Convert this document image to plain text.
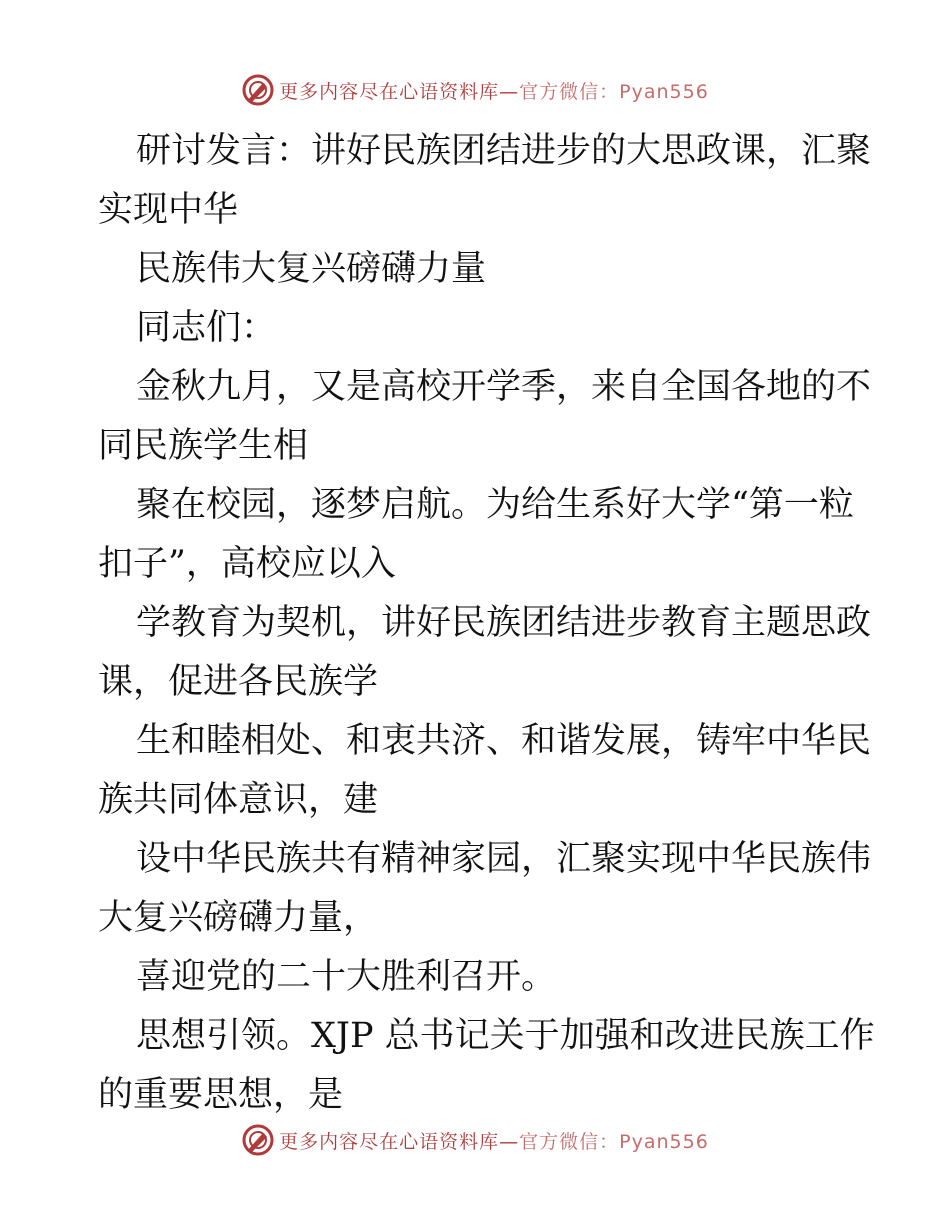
更多内容尽在心语资料库— 官方微信：Pyan556

研讨发言：讲好民族团结进步的大思政课，汇聚
实现中华

民族伟大复兴磅礴力量

同志们：

金秋九月，又是高校开学季，来自全国各地的不
同民族学生相

聚在校园，逐梦启航。为给生系好大学“第一粒
扣子”，高校应以入

学教育为契机，讲好民族团结进步教育主题思政
课，促进各民族学

生和睦相处、和衷共济、和谐发展，铸牢中华民
族共同体意识，建

设中华民族共有精神家园，汇聚实现中华民族伟
大复兴磅礴力量，

喜迎党的二十大胜利召开。

思想引领。XJP 总书记关于加强和改进民族工作
的重要思想，是

更多内容尽在心语资料库— 官方微信：Pyan556
